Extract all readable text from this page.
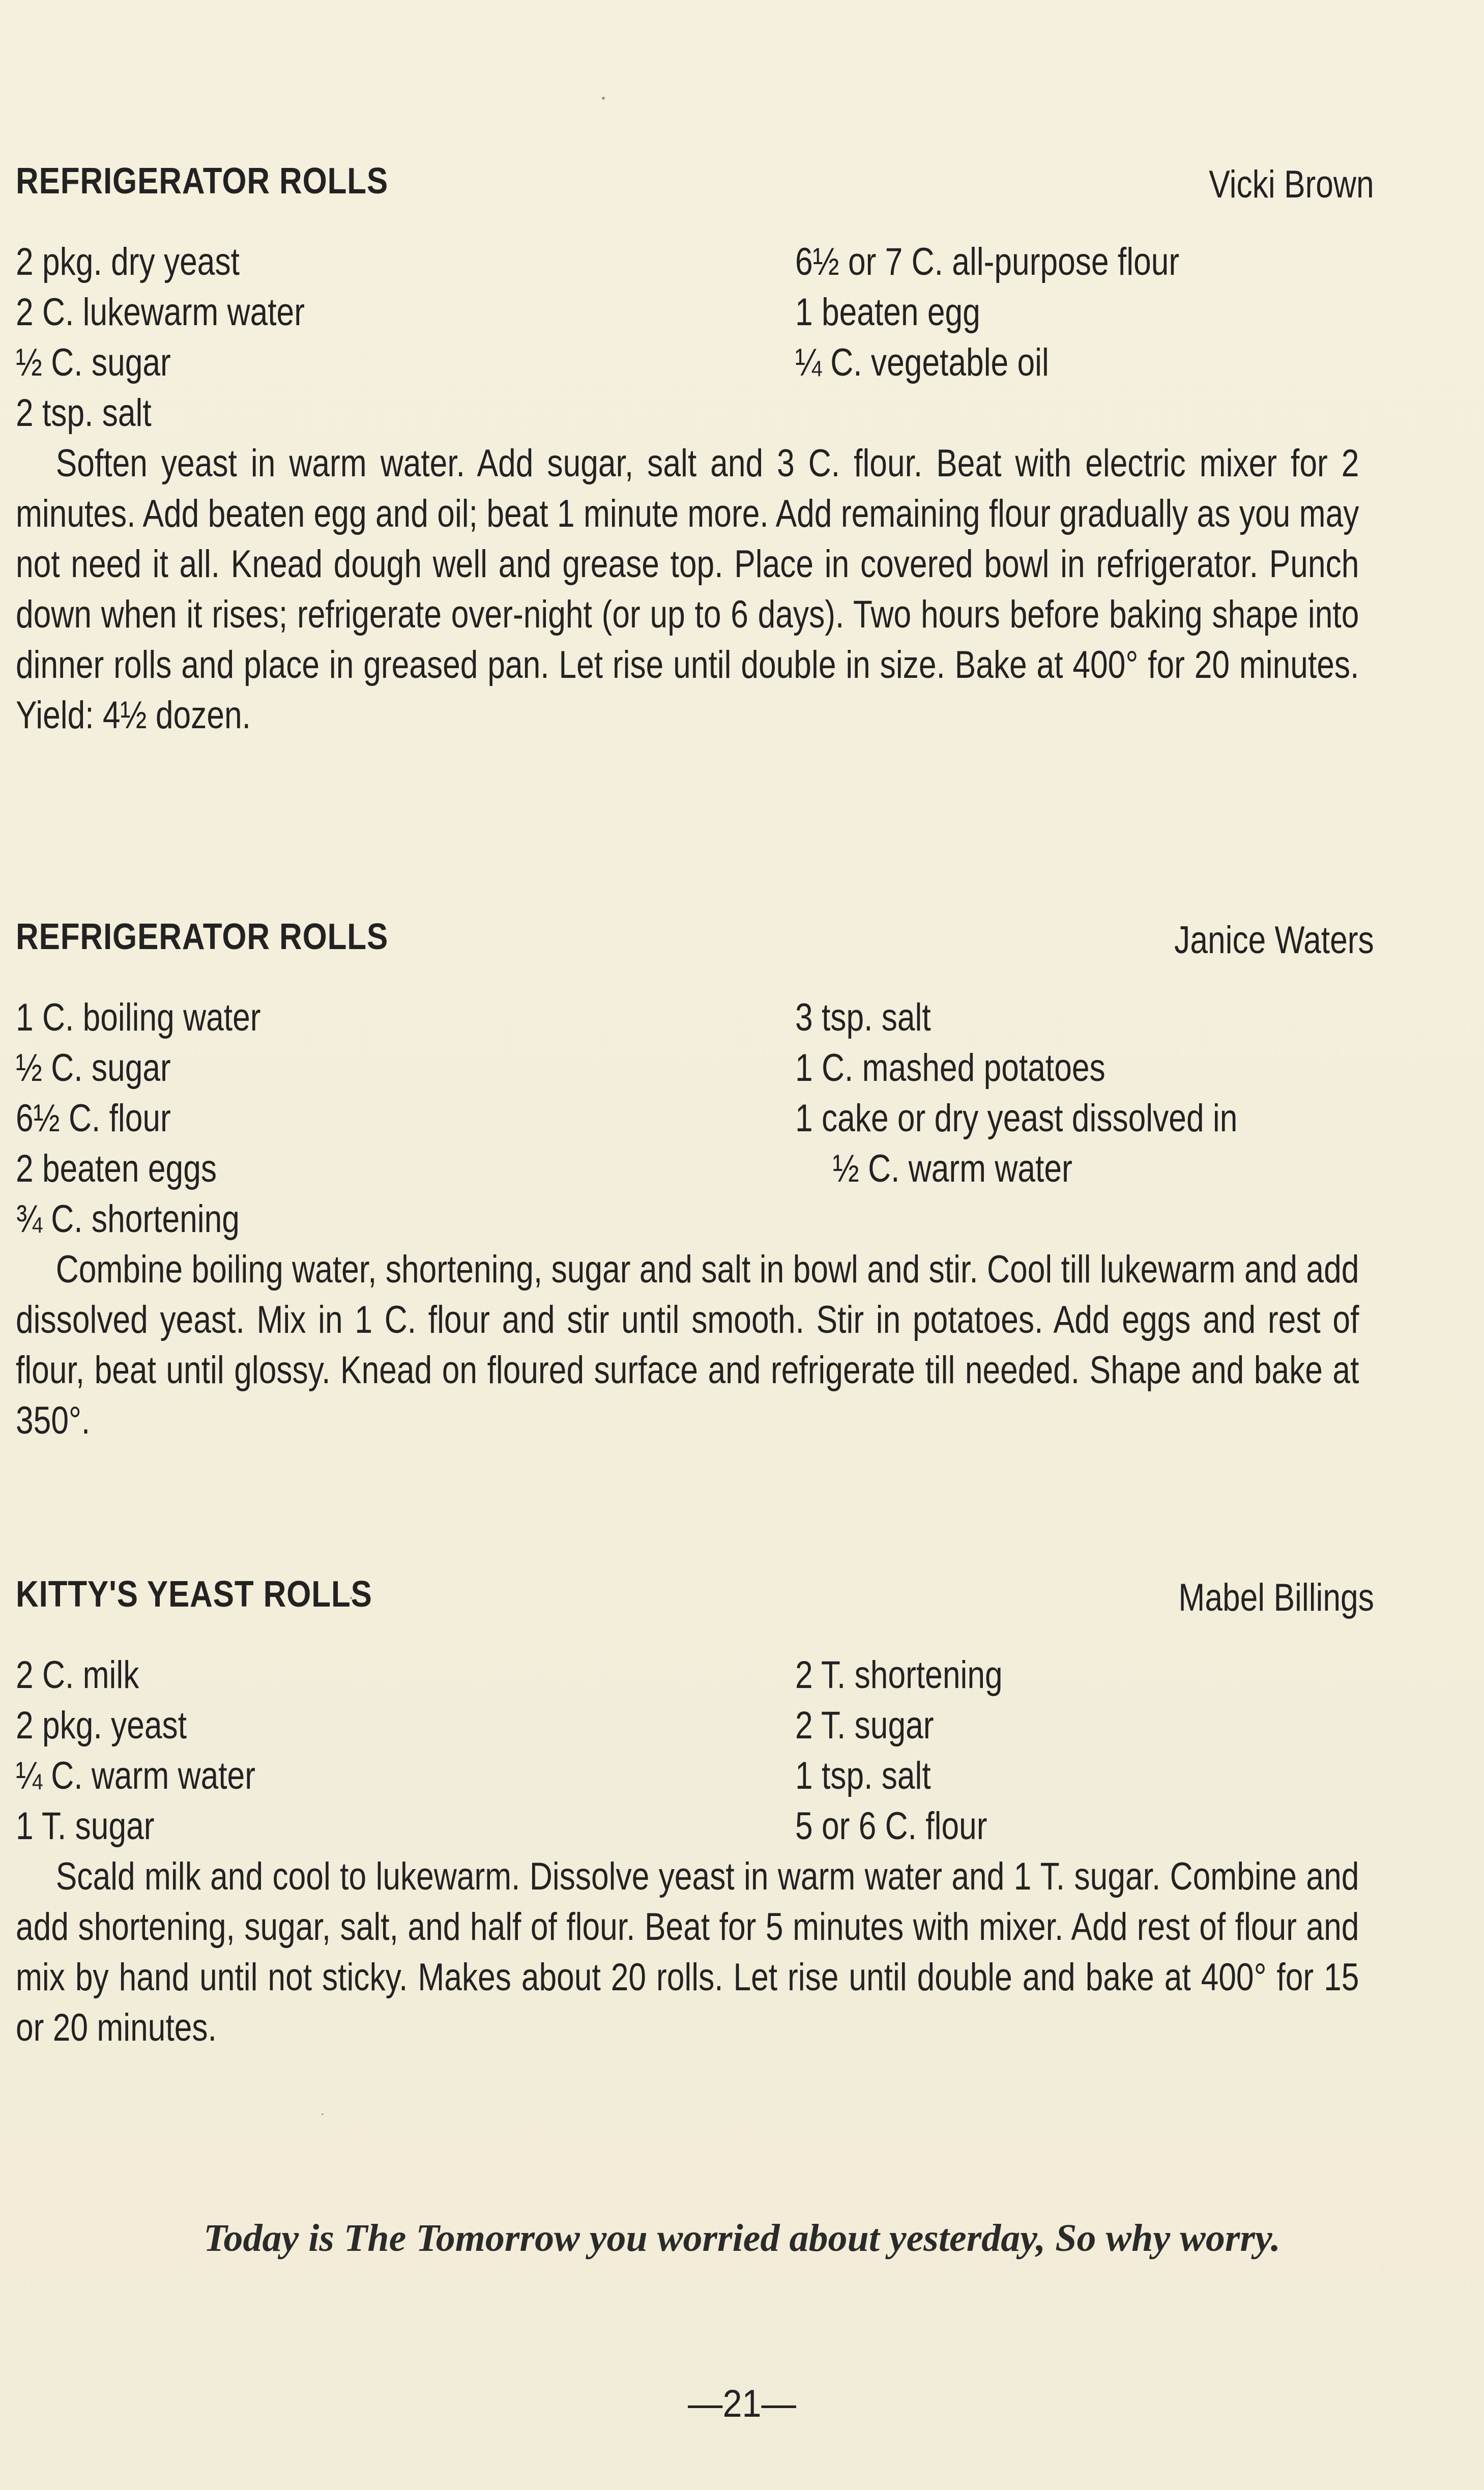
REFRIGERATOR ROLLS	Vicki Brown
2 pkg. dry yeast
2 C. lukewarm water
½ C. sugar
2 tsp. salt
6½ or 7 C. all-purpose flour
1 beaten egg
¼ C. vegetable oil
Soften yeast in warm water. Add sugar, salt and 3 C. flour. Beat with electric mixer for 2 minutes. Add beaten egg and oil; beat 1 minute more. Add remaining flour gradually as you may not need it all. Knead dough well and grease top. Place in covered bowl in refrigerator. Punch down when it rises; refrigerate over-night (or up to 6 days). Two hours before baking shape into dinner rolls and place in greased pan. Let rise until double in size. Bake at 400° for 20 minutes. Yield: 4½ dozen.
REFRIGERATOR ROLLS	Janice Waters
1 C. boiling water
½ C. sugar
6½ C. flour
2 beaten eggs
¾ C. shortening
3 tsp. salt
1 C. mashed potatoes
1 cake or dry yeast dissolved in
½ C. warm water
Combine boiling water, shortening, sugar and salt in bowl and stir. Cool till lukewarm and add dissolved yeast. Mix in 1 C. flour and stir until smooth. Stir in potatoes. Add eggs and rest of flour, beat until glossy. Knead on floured surface and refrigerate till needed. Shape and bake at 350°.
KITTY'S YEAST ROLLS	Mabel Billings
2 C. milk
2 pkg. yeast
¼ C. warm water
1 T. sugar
2 T. shortening
2 T. sugar
1 tsp. salt
5 or 6 C. flour
Scald milk and cool to lukewarm. Dissolve yeast in warm water and 1 T. sugar. Combine and add shortening, sugar, salt, and half of flour. Beat for 5 minutes with mixer. Add rest of flour and mix by hand until not sticky. Makes about 20 rolls. Let rise until double and bake at 400° for 15 or 20 minutes.
Today is The Tomorrow you worried about yesterday, So why worry.
—21—
